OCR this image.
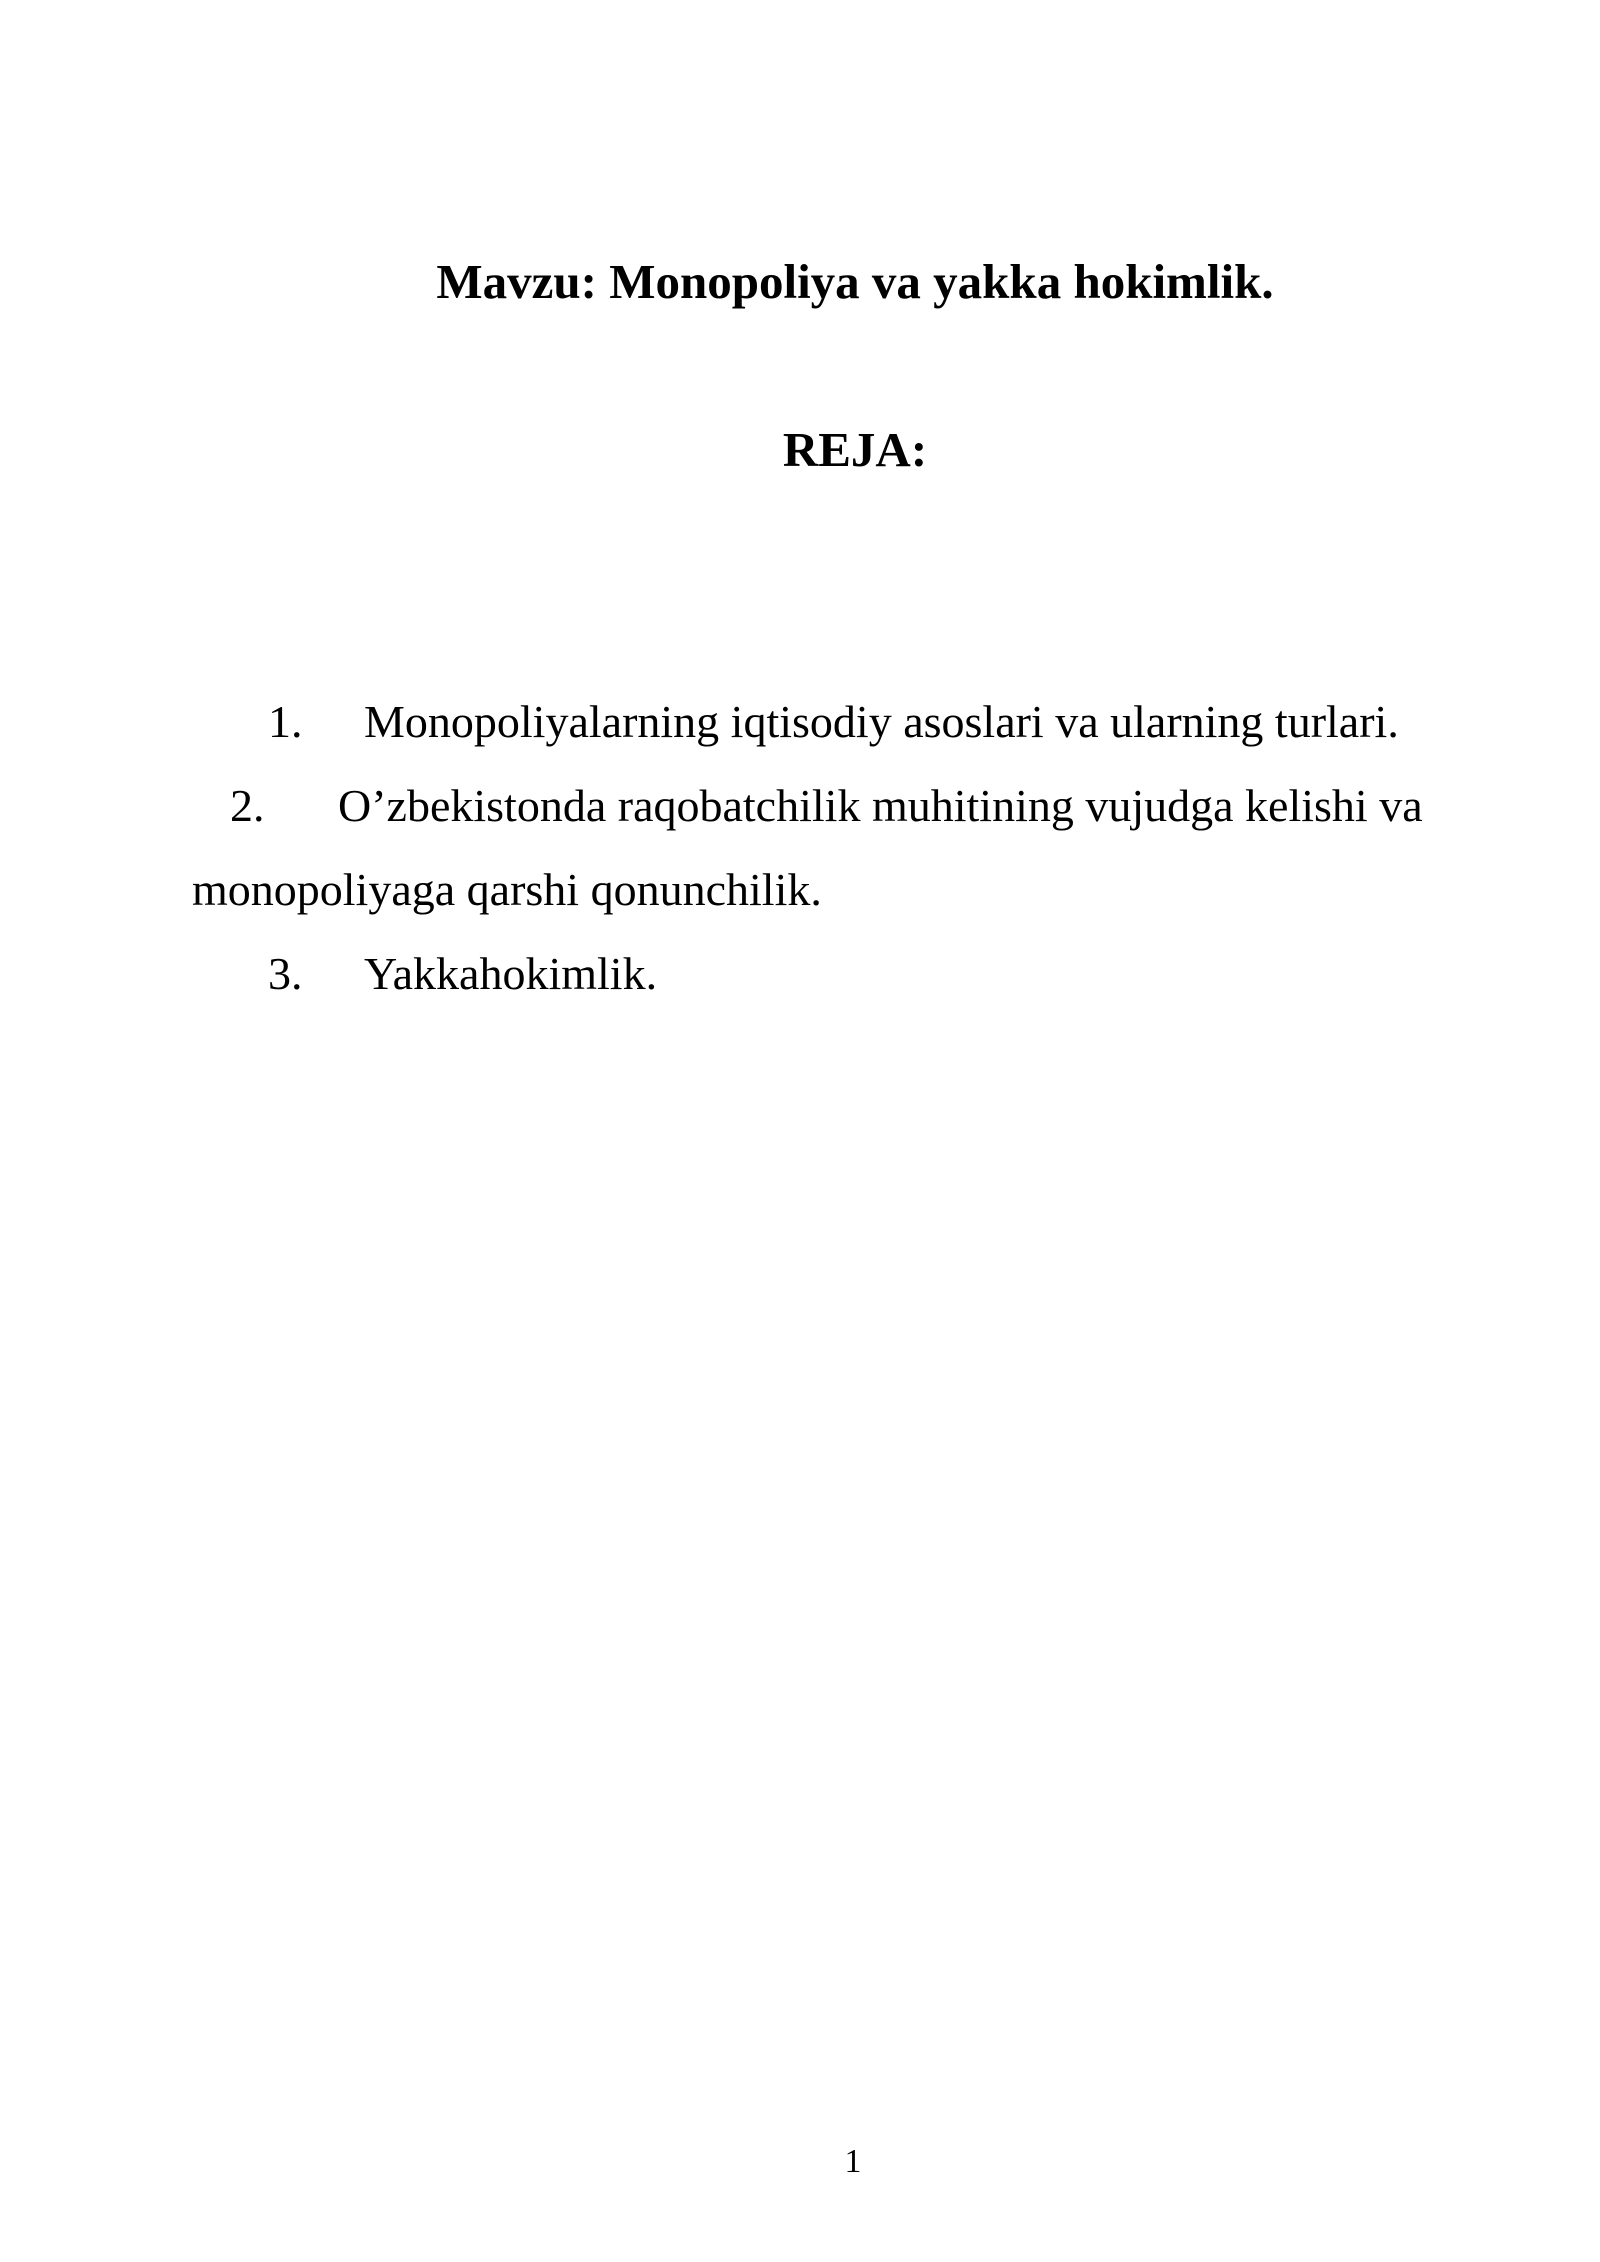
Mavzu: Monopoliya va yakka hokimlik.
REJA:
1. Monopoliyalarning iqtisodiy asoslari va ularning turlari.
2.	O’zbekistonda raqobatchilik muhitining vujudga kelishi va monopoliyaga qarshi qonunchilik.
3. Yakkahokimlik.
1
